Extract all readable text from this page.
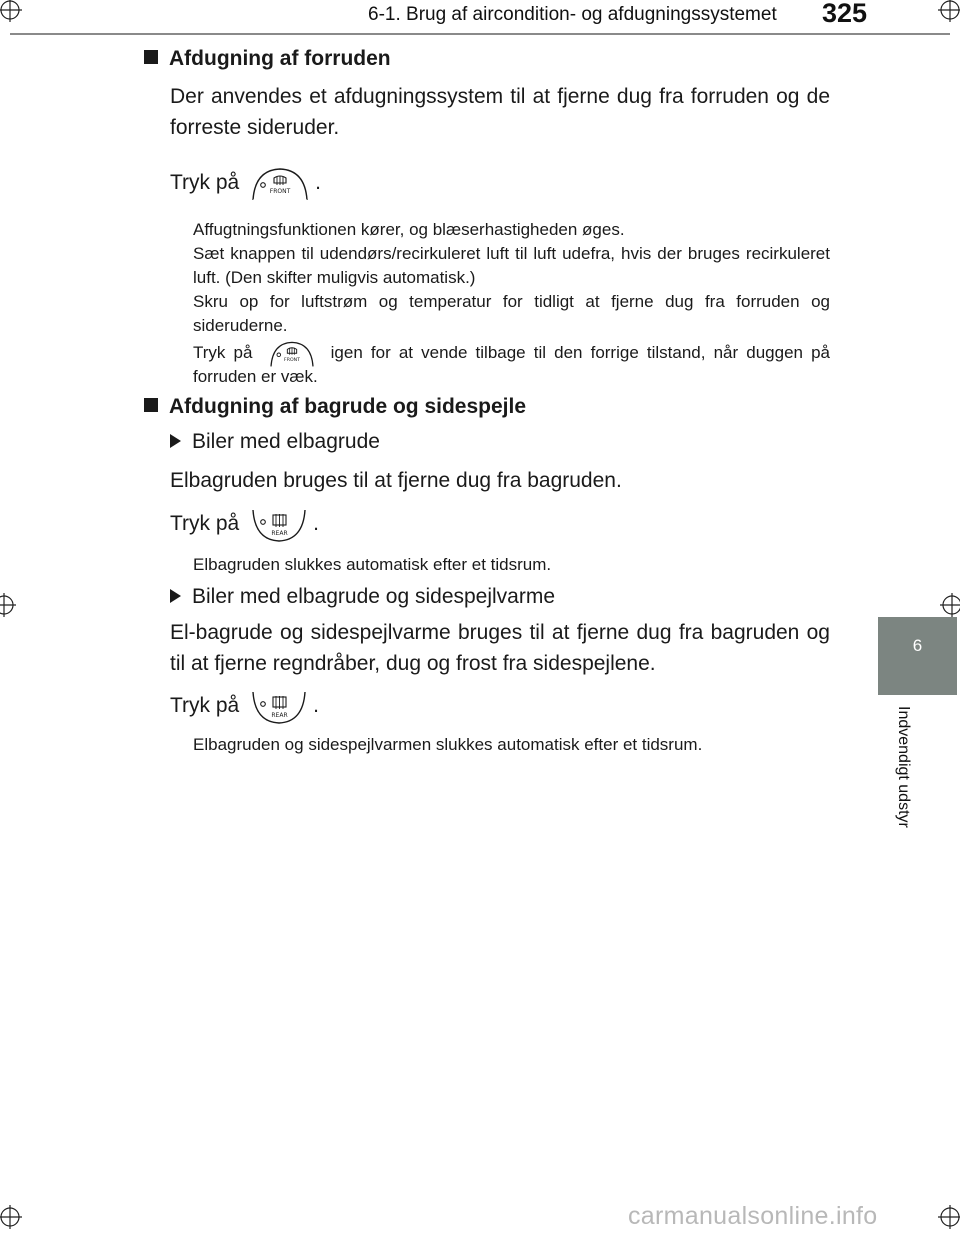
6-1. Brug af aircondition- og afdugningssystemet 325
6
Indvendigt udstyr
Afdugning af forruden
Der anvendes et afdugningssystem til at fjerne dug fra forruden og de forreste sideruder.
Tryk på	FRONT .
Affugtningsfunktionen kører, og blæserhastigheden øges.
Sæt knappen til udendørs/recirkuleret luft til luft udefra, hvis der bruges recirkuleret luft. (Den skifter muligvis automatisk.)
Skru op for luftstrøm og temperatur for tidligt at fjerne dug fra forruden og sideruderne.
Tryk på	FRONT igen for at vende tilbage til den forrige tilstand, når duggen på forruden er væk.
Afdugning af bagrude og sidespejle
Biler med elbagrude
Elbagruden bruges til at fjerne dug fra bagruden.
Tryk på	REAR .
Elbagruden slukkes automatisk efter et tidsrum.
Biler med elbagrude og sidespejlvarme
El-bagrude og sidespejlvarme bruges til at fjerne dug fra bagruden og til at fjerne regndråber, dug og frost fra sidespejlene.
Tryk på	REAR .
Elbagruden og sidespejlvarmen slukkes automatisk efter et tidsrum.
carmanualsonline.info
